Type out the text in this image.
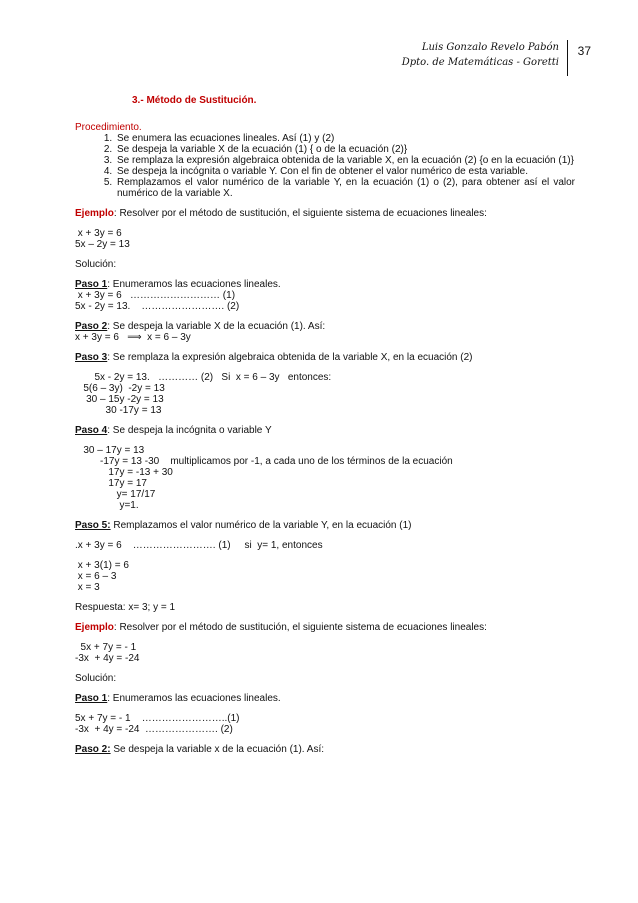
Luis Gonzalo Revelo Pabón
Dpto. de Matemáticas - Goretti
37
3.- Método de Sustitución.
Procedimiento.
1. Se enumera las ecuaciones lineales. Así (1) y (2)
2. Se despeja la variable X de la ecuación (1) { o de la ecuación (2)}
3. Se remplaza la expresión algebraica obtenida de la variable X, en la ecuación (2) {o en la ecuación (1)}
4. Se despeja la incógnita o variable Y. Con el fin de obtener el valor numérico de esta variable.
5. Remplazamos el valor numérico de la variable Y, en la ecuación (1) o (2), para obtener así el valor numérico de la variable X.
Ejemplo: Resolver por el método de sustitución, el siguiente sistema de ecuaciones lineales:
x + 3y = 6
5x – 2y = 13
Solución:
Paso 1: Enumeramos las ecuaciones lineales.
x + 3y = 6   ……………………… (1)
5x - 2y = 13.    ……………………. (2)
Paso 2: Se despeja la variable X de la ecuación (1). Así:
x + 3y = 6   ⟹  x = 6 – 3y
Paso 3: Se remplaza la expresión algebraica obtenida de la variable X, en la ecuación (2)
5x - 2y = 13.   ………… (2)   Si  x = 6 – 3y   entonces:
5(6 – 3y)  -2y = 13
30 – 15y -2y = 13
30 -17y = 13
Paso 4: Se despeja la incógnita o variable Y
30 – 17y = 13
-17y = 13 -30    multiplicamos por -1, a cada uno de los términos de la ecuación
17y = -13 + 30
17y = 17
y= 17/17
y=1.
Paso 5: Remplazamos el valor numérico de la variable Y, en la ecuación (1)
.x + 3y = 6    ……………………. (1)     si  y= 1, entonces
x + 3(1) = 6
x = 6 – 3
x = 3
Respuesta: x= 3; y = 1
Ejemplo: Resolver por el método de sustitución, el siguiente sistema de ecuaciones lineales:
5x + 7y = - 1
-3x  + 4y = -24
Solución:
Paso 1: Enumeramos las ecuaciones lineales.
5x + 7y = - 1    ……………………..(1)
-3x  + 4y = -24  …………………. (2)
Paso 2: Se despeja la variable x de la ecuación (1). Así:
